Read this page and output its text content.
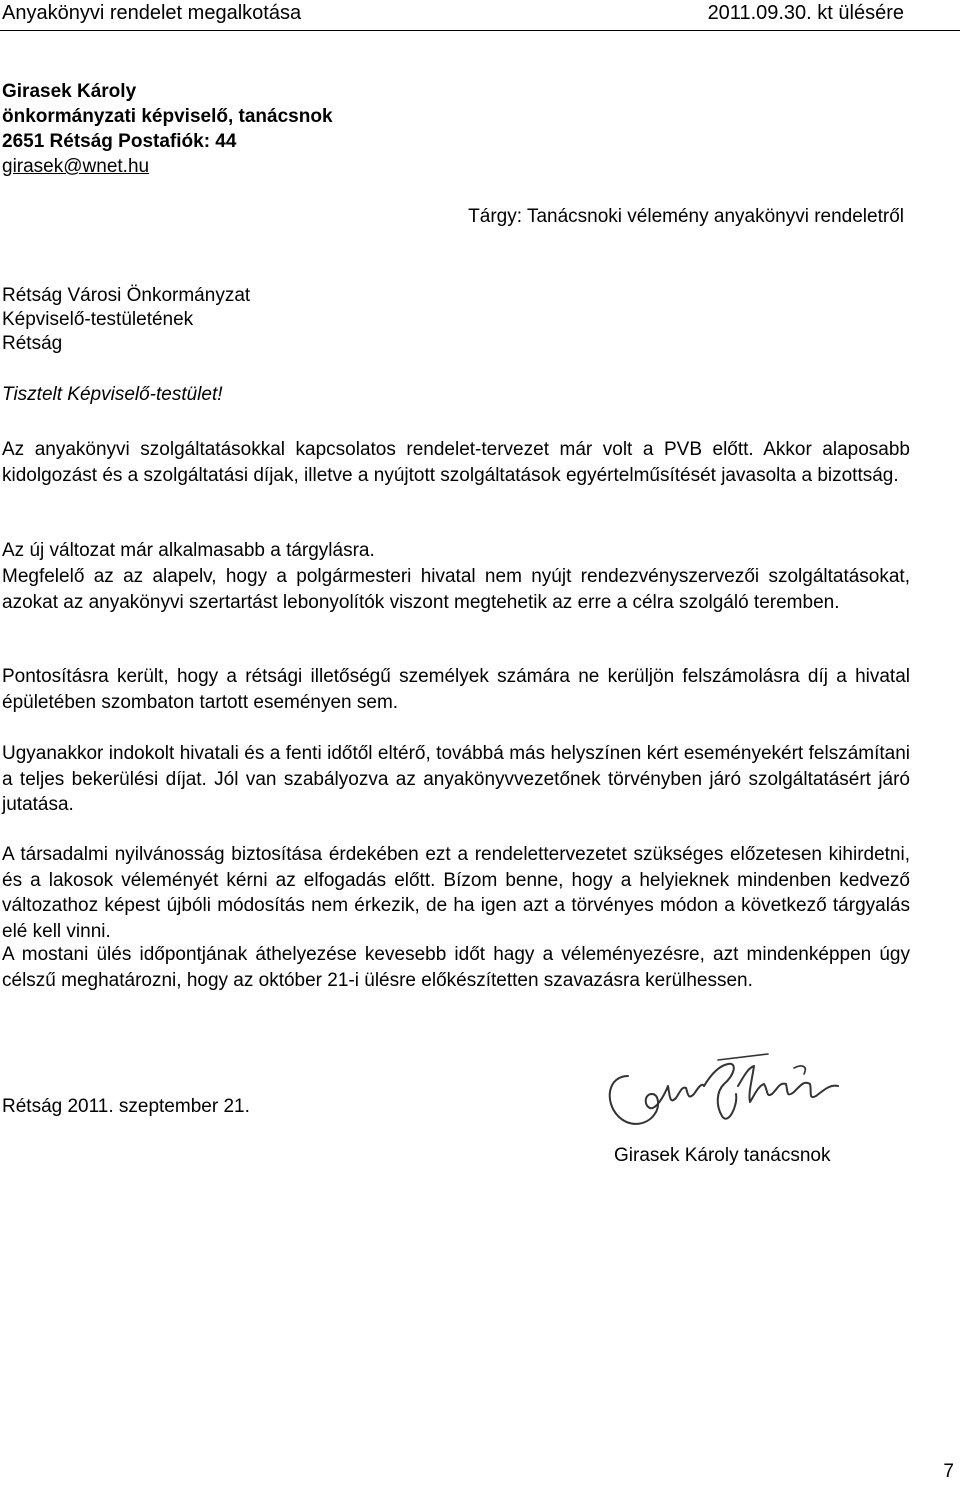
Anyakönyvi rendelet megalkotása	2011.09.30. kt ülésére
Girasek Károly
önkormányzati képviselő, tanácsnok
2651 Rétság Postafiók: 44
girasek@wnet.hu
Tárgy: Tanácsnoki vélemény anyakönyvi rendeletről
Rétság Városi Önkormányzat
Képviselő-testületének
Rétság
Tisztelt Képviselő-testület!
Az anyakönyvi szolgáltatásokkal kapcsolatos rendelet-tervezet már volt a PVB előtt. Akkor alaposabb kidolgozást és a szolgáltatási díjak, illetve a nyújtott szolgáltatások egyértelműsítését javasolta a bizottság.
Az új változat már alkalmasabb a tárgylásra.
Megfelelő az az alapelv, hogy a polgármesteri hivatal nem nyújt rendezvényszervezői szolgáltatásokat, azokat az anyakönyvi szertartást lebonyolítók viszont megtehetik az erre a célra szolgáló teremben.
Pontosításra került, hogy a rétsági illetőségű személyek számára ne kerüljön felszámolásra díj a hivatal épületében szombaton tartott eseményen sem.
Ugyanakkor indokolt hivatali és a fenti időtől eltérő, továbbá más helyszínen kért eseményekért felszámítani a teljes bekerülési díjat. Jól van szabályozva az anyakönyvvezetőnek törvényben járó szolgáltatásért járó jutatása.
A társadalmi nyilvánosság biztosítása érdekében ezt a rendelettervezetet szükséges előzetesen kihirdetni, és a lakosok véleményét kérni az elfogadás előtt. Bízom benne, hogy a helyieknek mindenben kedvező változathoz képest újbóli módosítás nem érkezik, de ha igen azt a törvényes módon a következő tárgyalás elé kell vinni.
A mostani ülés időpontjának áthelyezése kevesebb időt hagy a véleményezésre, azt mindenképpen úgy célszű meghatározni, hogy az október 21-i ülésre előkészítetten szavazásra kerülhessen.
Rétság 2011. szeptember 21.
Girasek Károly tanácsnok
7
